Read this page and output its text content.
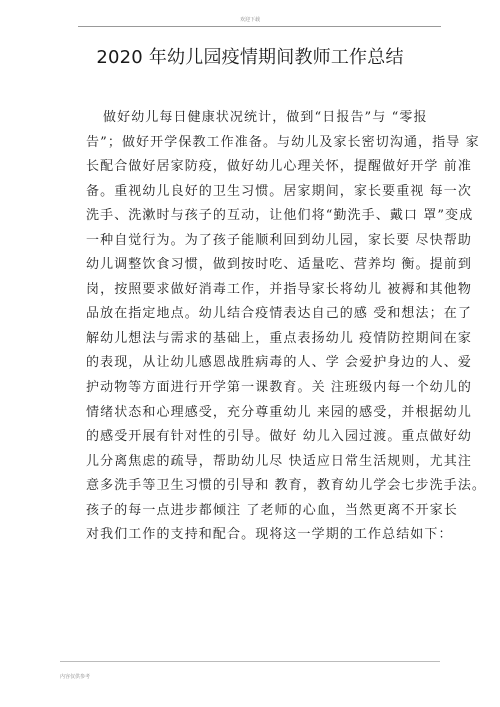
欢迎下载
2020 年幼儿园疫情期间教师工作总结
做好幼儿每日健康状况统计，做到“日报告”与 “零报
告”；做好开学保教工作准备。与幼儿及家长密切沟通，指导 家
长配合做好居家防疫，做好幼儿心理关怀，提醒做好开学 前准
备。重视幼儿良好的卫生习惯。居家期间，家长要重视 每一次
洗手、洗漱时与孩子的互动，让他们将“勤洗手、戴口 罩”变成
一种自觉行为。为了孩子能顺利回到幼儿园，家长要 尽快帮助
幼儿调整饮食习惯，做到按时吃、适量吃、营养均 衡。提前到
岗，按照要求做好消毒工作，并指导家长将幼儿 被褥和其他物
品放在指定地点。幼儿结合疫情表达自己的感 受和想法；在了
解幼儿想法与需求的基础上，重点表扬幼儿 疫情防控期间在家
的表现，从让幼儿感恩战胜病毒的人、学 会爱护身边的人、爱
护动物等方面进行开学第一课教育。关 注班级内每一个幼儿的
情绪状态和心理感受，充分尊重幼儿 来园的感受，并根据幼儿
的感受开展有针对性的引导。做好 幼儿入园过渡。重点做好幼
儿分离焦虑的疏导，帮助幼儿尽 快适应日常生活规则，尤其注
意多洗手等卫生习惯的引导和 教育，教育幼儿学会七步洗手法。
孩子的每一点进步都倾注 了老师的心血，当然更离不开家长
对我们工作的支持和配合。现将这一学期的工作总结如下：
内容仅供参考
